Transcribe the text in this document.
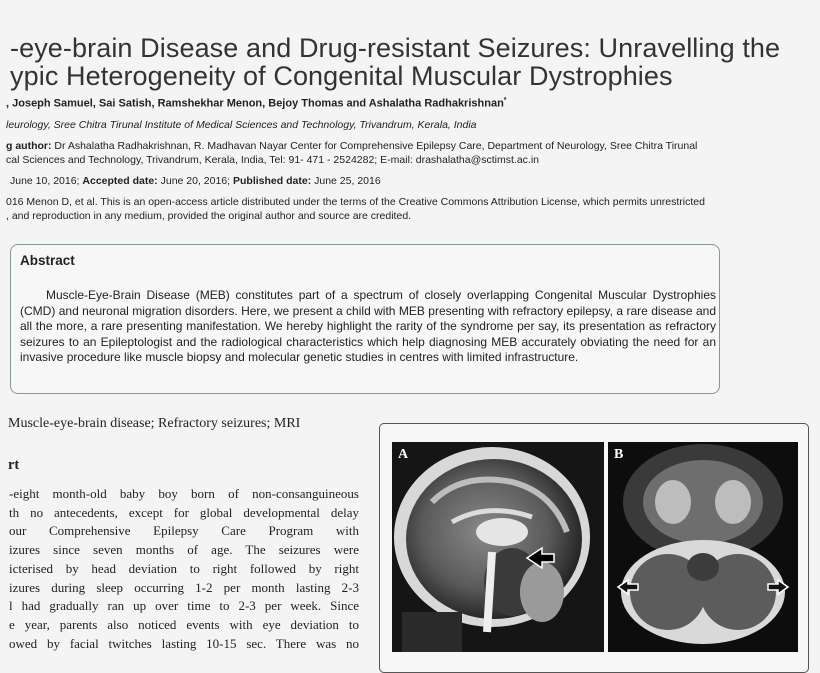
-eye-brain Disease and Drug-resistant Seizures: Unravelling the
ypic Heterogeneity of Congenital Muscular Dystrophies
, Joseph Samuel, Sai Satish, Ramshekhar Menon, Bejoy Thomas and Ashalatha Radhakrishnan*
leurology, Sree Chitra Tirunal Institute of Medical Sciences and Technology, Trivandrum, Kerala, India
g author: Dr Ashalatha Radhakrishnan, R. Madhavan Nayar Center for Comprehensive Epilepsy Care, Department of Neurology, Sree Chitra Tirunal
cal Sciences and Technology, Trivandrum, Kerala, India, Tel: 91- 471 - 2524282; E-mail: drashalatha@sctimst.ac.in
June 10, 2016; Accepted date: June 20, 2016; Published date: June 25, 2016
016 Menon D, et al. This is an open-access article distributed under the terms of the Creative Commons Attribution License, which permits unrestricted
, and reproduction in any medium, provided the original author and source are credited.
Abstract
Muscle-Eye-Brain Disease (MEB) constitutes part of a spectrum of closely overlapping Congenital Muscular Dystrophies (CMD) and neuronal migration disorders. Here, we present a child with MEB presenting with refractory epilepsy, a rare disease and all the more, a rare presenting manifestation. We hereby highlight the rarity of the syndrome per say, its presentation as refractory seizures to an Epileptologist and the radiological characteristics which help diagnosing MEB accurately obviating the need for an invasive procedure like muscle biopsy and molecular genetic studies in centres with limited infrastructure.
Muscle-eye-brain disease; Refractory seizures; MRI
rt
-eight month-old baby boy born of non-consanguineous
th no antecedents, except for global developmental delay
our Comprehensive Epilepsy Care Program with
izures since seven months of age. The seizures were
icterised by head deviation to right followed by right
izures during sleep occurring 1-2 per month lasting 2-3
l had gradually ran up over time to 2-3 per week. Since
e year, parents also noticed events with eye deviation to
owed by facial twitches lasting 10-15 sec. There was no
A	B
